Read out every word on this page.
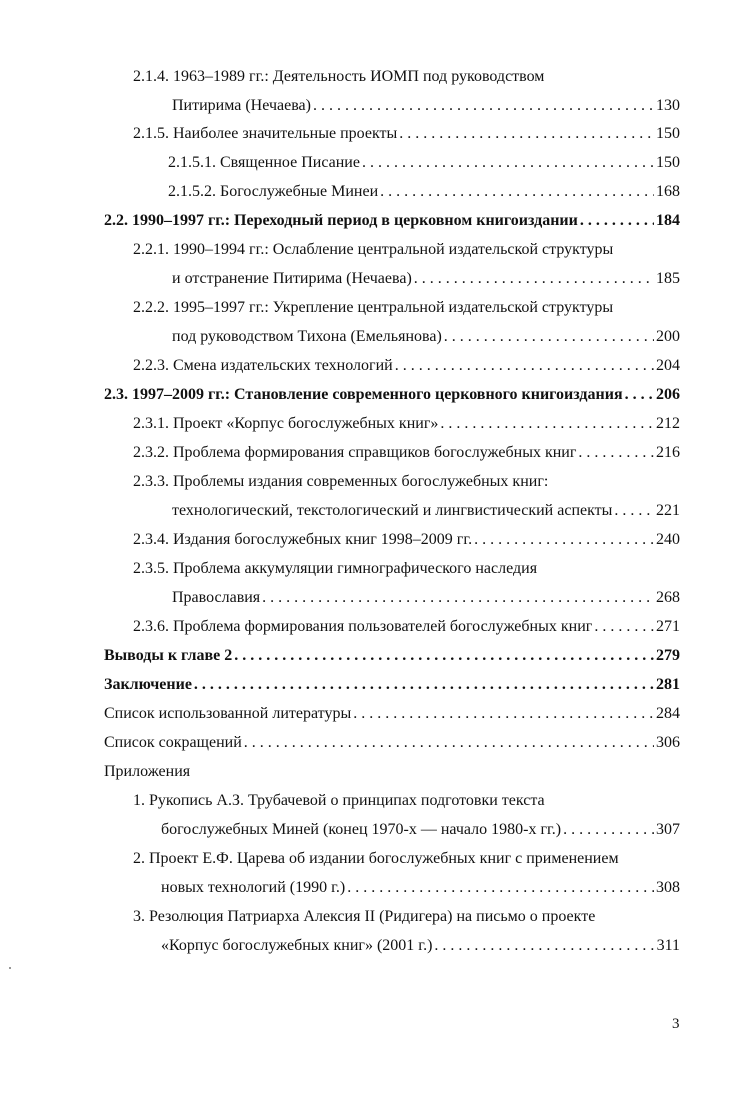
2.1.4. 1963–1989 гг.: Деятельность ИОМП под руководством
Питирима (Нечаева) . . .	130
2.1.5. Наиболее значительные проекты . . .	150
2.1.5.1. Священное Писание . . .	150
2.1.5.2. Богослужебные Минеи . . .	168
2.2. 1990–1997 гг.: Переходный период в церковном книгоиздании . . .	184
2.2.1. 1990–1994 гг.: Ослабление центральной издательской структуры
и отстранение Питирима (Нечаева) . . .	185
2.2.2. 1995–1997 гг.: Укрепление центральной издательской структуры
под руководством Тихона (Емельянова) . . .	200
2.2.3. Смена издательских технологий . . .	204
2.3. 1997–2009 гг.: Становление современного церковного книгоиздания . . . 206
2.3.1. Проект «Корпус богослужебных книг» . . .	212
2.3.2. Проблема формирования справщиков богослужебных книг . . .	216
2.3.3. Проблемы издания современных богослужебных книг:
технологический, текстологический и лингвистический аспекты . . .	221
2.3.4. Издания богослужебных книг 1998–2009 гг. . . .	240
2.3.5. Проблема аккумуляции гимнографического наследия
Православия . . .	268
2.3.6. Проблема формирования пользователей богослужебных книг . . .	271
Выводы к главе 2 . . .	279
Заключение . . .	281
Список использованной литературы . . .	284
Список сокращений . . .	306
Приложения
1. Рукопись А.З. Трубачевой о принципах подготовки текста
богослужебных Миней (конец 1970-х — начало 1980-х гг.) . . .	307
2. Проект Е.Ф. Царева об издании богослужебных книг с применением
новых технологий (1990 г.) . . .	308
3. Резолюция Патриарха Алексия II (Ридигера) на письмо о проекте
«Корпус богослужебных книг» (2001 г.) . . .	311
3
